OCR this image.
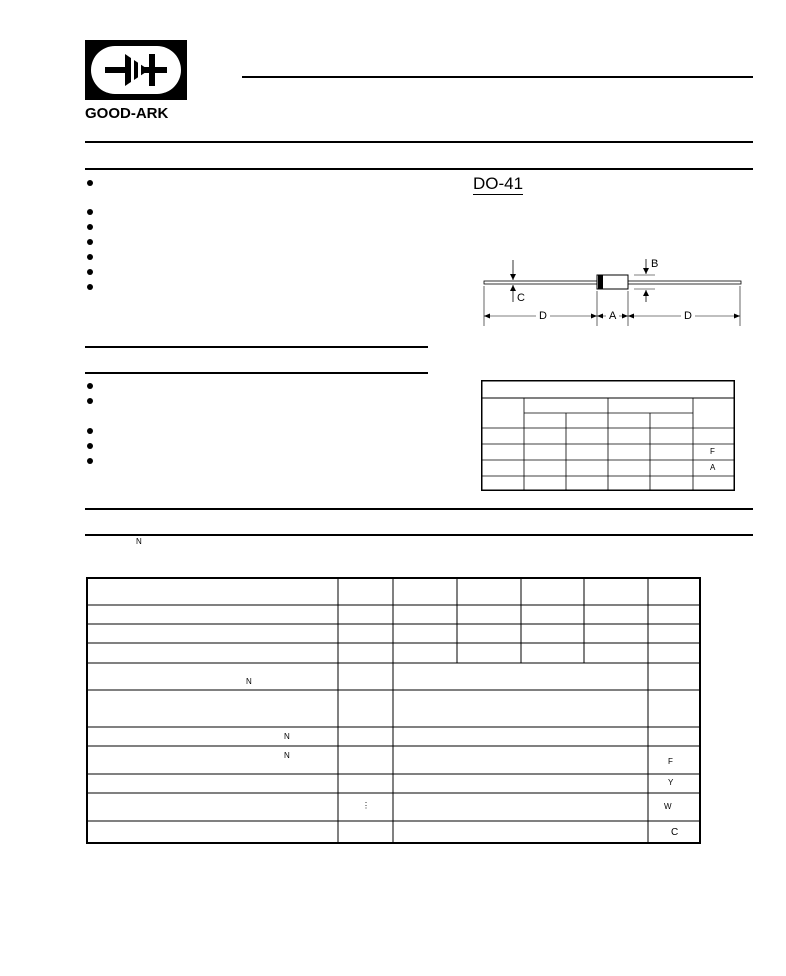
GOOD-ARK
DO-41
B
C
D	A	D
F
A
N
N
N
N
F
Y
W
C
⋮
